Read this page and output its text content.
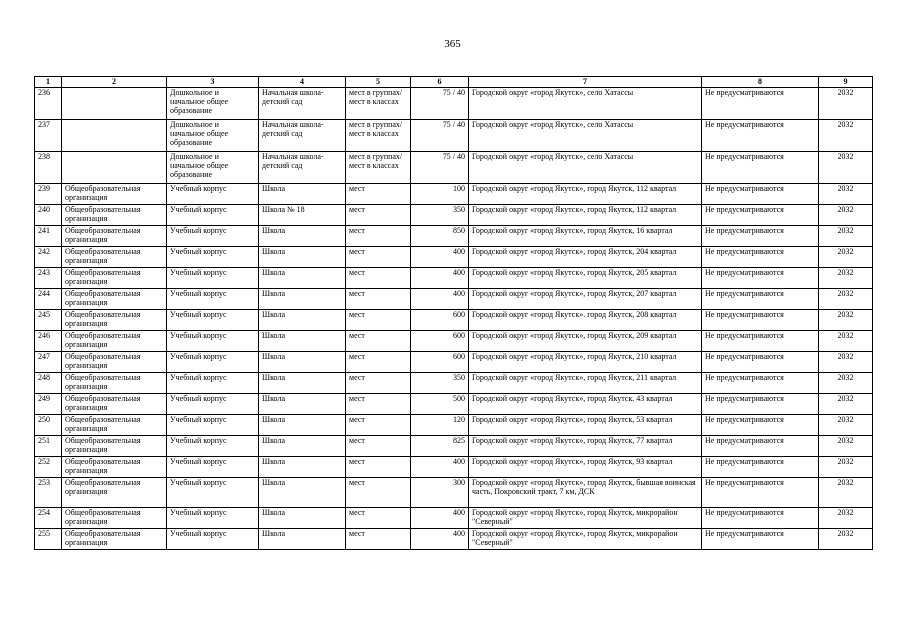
365
1	2	3	4	5	6	7	8	9
236		Дошкольное и начальное общее образование	Начальная школа-детский сад	мест в группах/ мест в классах	75 / 40	Городской округ «город Якутск», село Хатассы	Не предусматриваются	2032
237		Дошкольное и начальное общее образование	Начальная школа-детский сад	мест в группах/ мест в классах	75 / 40	Городской округ «город Якутск», село Хатассы	Не предусматриваются	2032
238		Дошкольное и начальное общее образование	Начальная школа-детский сад	мест в группах/ мест в классах	75 / 40	Городской округ «город Якутск», село Хатассы	Не предусматриваются	2032
239	Общеобразовательная организация	Учебный корпус	Школа	мест	100	Городской округ «город Якутск», город Якутск, 112 квартал	Не предусматриваются	2032
240	Общеобразовательная организация	Учебный корпус	Школа № 18	мест	350	Городской округ «город Якутск», город Якутск, 112 квартал	Не предусматриваются	2032
241	Общеобразовательная организация	Учебный корпус	Школа	мест	850	Городской округ «город Якутск», город Якутск, 16 квартал	Не предусматриваются	2032
242	Общеобразовательная организация	Учебный корпус	Школа	мест	400	Городской округ «город Якутск», город Якутск, 204 квартал	Не предусматриваются	2032
243	Общеобразовательная организация	Учебный корпус	Школа	мест	400	Городской округ «город Якутск», город Якутск, 205 квартал	Не предусматриваются	2032
244	Общеобразовательная организация	Учебный корпус	Школа	мест	400	Городской округ «город Якутск», город Якутск, 207 квартал	Не предусматриваются	2032
245	Общеобразовательная организация	Учебный корпус	Школа	мест	600	Городской округ «город Якутск». город Якутск, 208 квартал	Не предусматриваются	2032
246	Общеобразовательная организация	Учебный корпус	Школа	мест	600	Городской округ «город Якутск», город Якутск, 209 квартал	Не предусматриваются	2032
247	Общеобразовательная организация	Учебный корпус	Школа	мест	600	Городской округ «город Якутск», город Якутск, 210 квартал	Не предусматриваются	2032
248	Общеобразовательная организация	Учебный корпус	Школа	мест	350	Городской округ «город Якутск», город Якутск, 211 квартал	Не предусматриваются	2032
249	Общеобразовательная организация	Учебный корпус	Школа	мест	500	Городской округ «город Якутск», город Якутск. 43 квартал	Не предусматриваются	2032
250	Общеобразовательная организация	Учебный корпус	Школа	мест	120	Городской округ «город Якутск», город Якутск, 53 квартал	Не предусматриваются	2032
251	Общеобразовательная организация	Учебный корпус	Школа	мест	825	Городской округ «город Якутск», город Якутск, 77 квартал	Не предусматриваются	2032
252	Общеобразовательная организация	Учебный корпус	Школа	мест	400	Городской округ «город Якутск», город Якутск, 93 квартал	Не предусматриваются	2032
253	Общеобразовательная организация	Учебный корпус	Школа	мест	300	Городской округ «город Якутск», город Якутск, бывшая воинская часть, Покровский тракт, 7 км, ДСК	Не предусматриваются	2032
254	Общеобразовательная организация	Учебный корпус	Школа	мест	400	Городской округ «город Якутск», город Якутск, микрорайон "Северный"	Не предусматриваются	2032
255	Общеобразовательная организация	Учебный корпус	Школа	мест	400	Городской округ «город Якутск», город Якутск, микрорайон "Северный"	Не предусматриваются	2032
